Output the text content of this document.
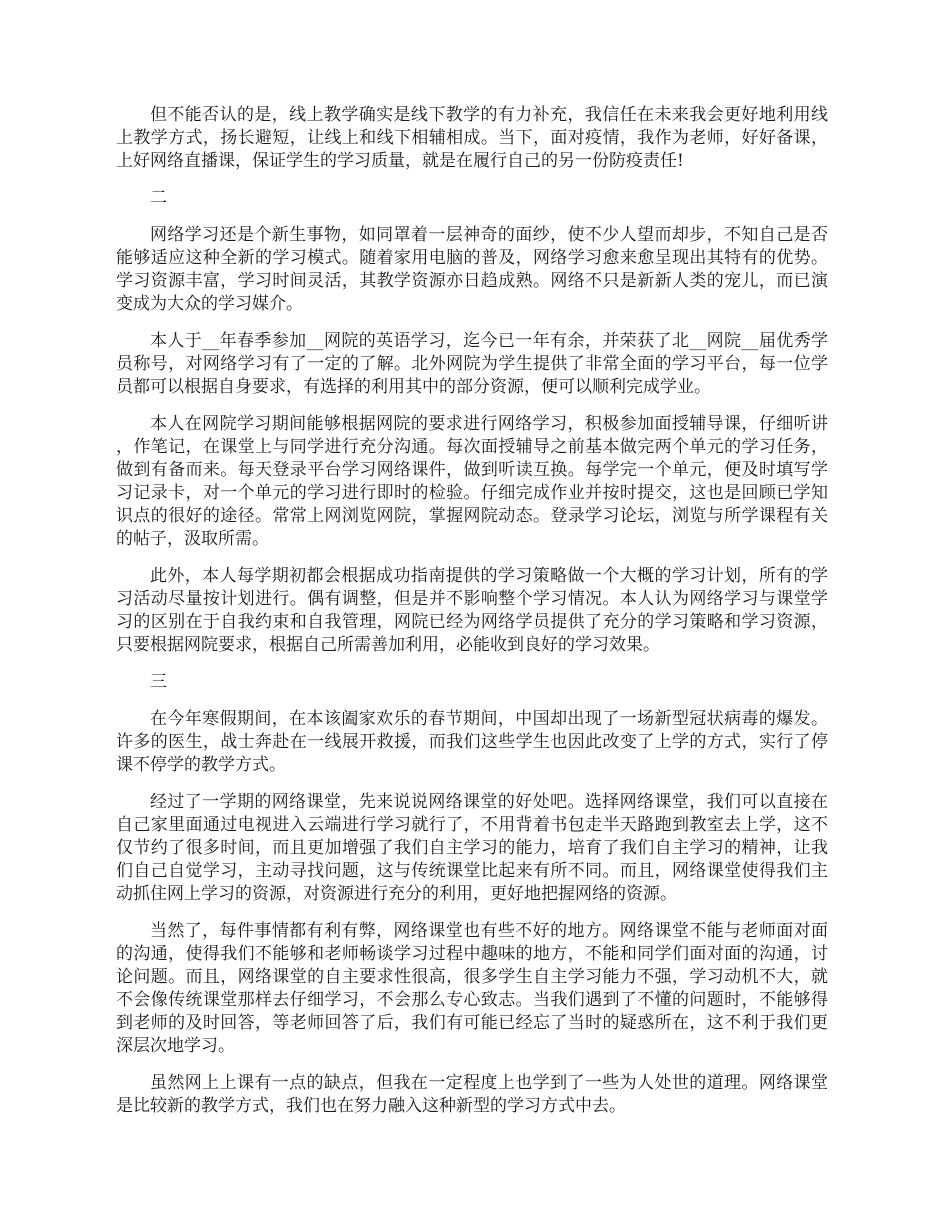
但不能否认的是，线上教学确实是线下教学的有力补充，我信任在未来我会更好地利用线上教学方式，扬长避短，让线上和线下相辅相成。当下，面对疫情，我作为老师，好好备课，上好网络直播课，保证学生的学习质量，就是在履行自己的另一份防疫责任!

二

网络学习还是个新生事物，如同罩着一层神奇的面纱，使不少人望而却步，不知自己是否能够适应这种全新的学习模式。随着家用电脑的普及，网络学习愈来愈呈现出其特有的优势。学习资源丰富，学习时间灵活，其教学资源亦日趋成熟。网络不只是新新人类的宠儿，而已演变成为大众的学习媒介。

本人于__年春季参加__网院的英语学习，迄今已一年有余，并荣获了北__网院__届优秀学员称号，对网络学习有了一定的了解。北外网院为学生提供了非常全面的学习平台，每一位学员都可以根据自身要求，有选择的利用其中的部分资源，便可以顺利完成学业。

本人在网院学习期间能够根据网院的要求进行网络学习，积极参加面授辅导课，仔细听讲，作笔记，在课堂上与同学进行充分沟通。每次面授辅导之前基本做完两个单元的学习任务，做到有备而来。每天登录平台学习网络课件，做到听读互换。每学完一个单元，便及时填写学习记录卡，对一个单元的学习进行即时的检验。仔细完成作业并按时提交，这也是回顾已学知识点的很好的途径。常常上网浏览网院，掌握网院动态。登录学习论坛，浏览与所学课程有关的帖子，汲取所需。

此外，本人每学期初都会根据成功指南提供的学习策略做一个大概的学习计划，所有的学习活动尽量按计划进行。偶有调整，但是并不影响整个学习情况。本人认为网络学习与课堂学习的区别在于自我约束和自我管理，网院已经为网络学员提供了充分的学习策略和学习资源，只要根据网院要求，根据自己所需善加利用，必能收到良好的学习效果。

三

在今年寒假期间，在本该阖家欢乐的春节期间，中国却出现了一场新型冠状病毒的爆发。许多的医生，战士奔赴在一线展开救援，而我们这些学生也因此改变了上学的方式，实行了停课不停学的教学方式。

经过了一学期的网络课堂，先来说说网络课堂的好处吧。选择网络课堂，我们可以直接在自己家里面通过电视进入云端进行学习就行了，不用背着书包走半天路跑到教室去上学，这不仅节约了很多时间，而且更加增强了我们自主学习的能力，培育了我们自主学习的精神，让我们自己自觉学习，主动寻找问题，这与传统课堂比起来有所不同。而且，网络课堂使得我们主动抓住网上学习的资源，对资源进行充分的利用，更好地把握网络的资源。

当然了，每件事情都有利有弊，网络课堂也有些不好的地方。网络课堂不能与老师面对面的沟通，使得我们不能够和老师畅谈学习过程中趣味的地方，不能和同学们面对面的沟通，讨论问题。而且，网络课堂的自主要求性很高，很多学生自主学习能力不强，学习动机不大，就不会像传统课堂那样去仔细学习，不会那么专心致志。当我们遇到了不懂的问题时，不能够得到老师的及时回答，等老师回答了后，我们有可能已经忘了当时的疑惑所在，这不利于我们更深层次地学习。

虽然网上上课有一点的缺点，但我在一定程度上也学到了一些为人处世的道理。网络课堂是比较新的教学方式，我们也在努力融入这种新型的学习方式中去。
